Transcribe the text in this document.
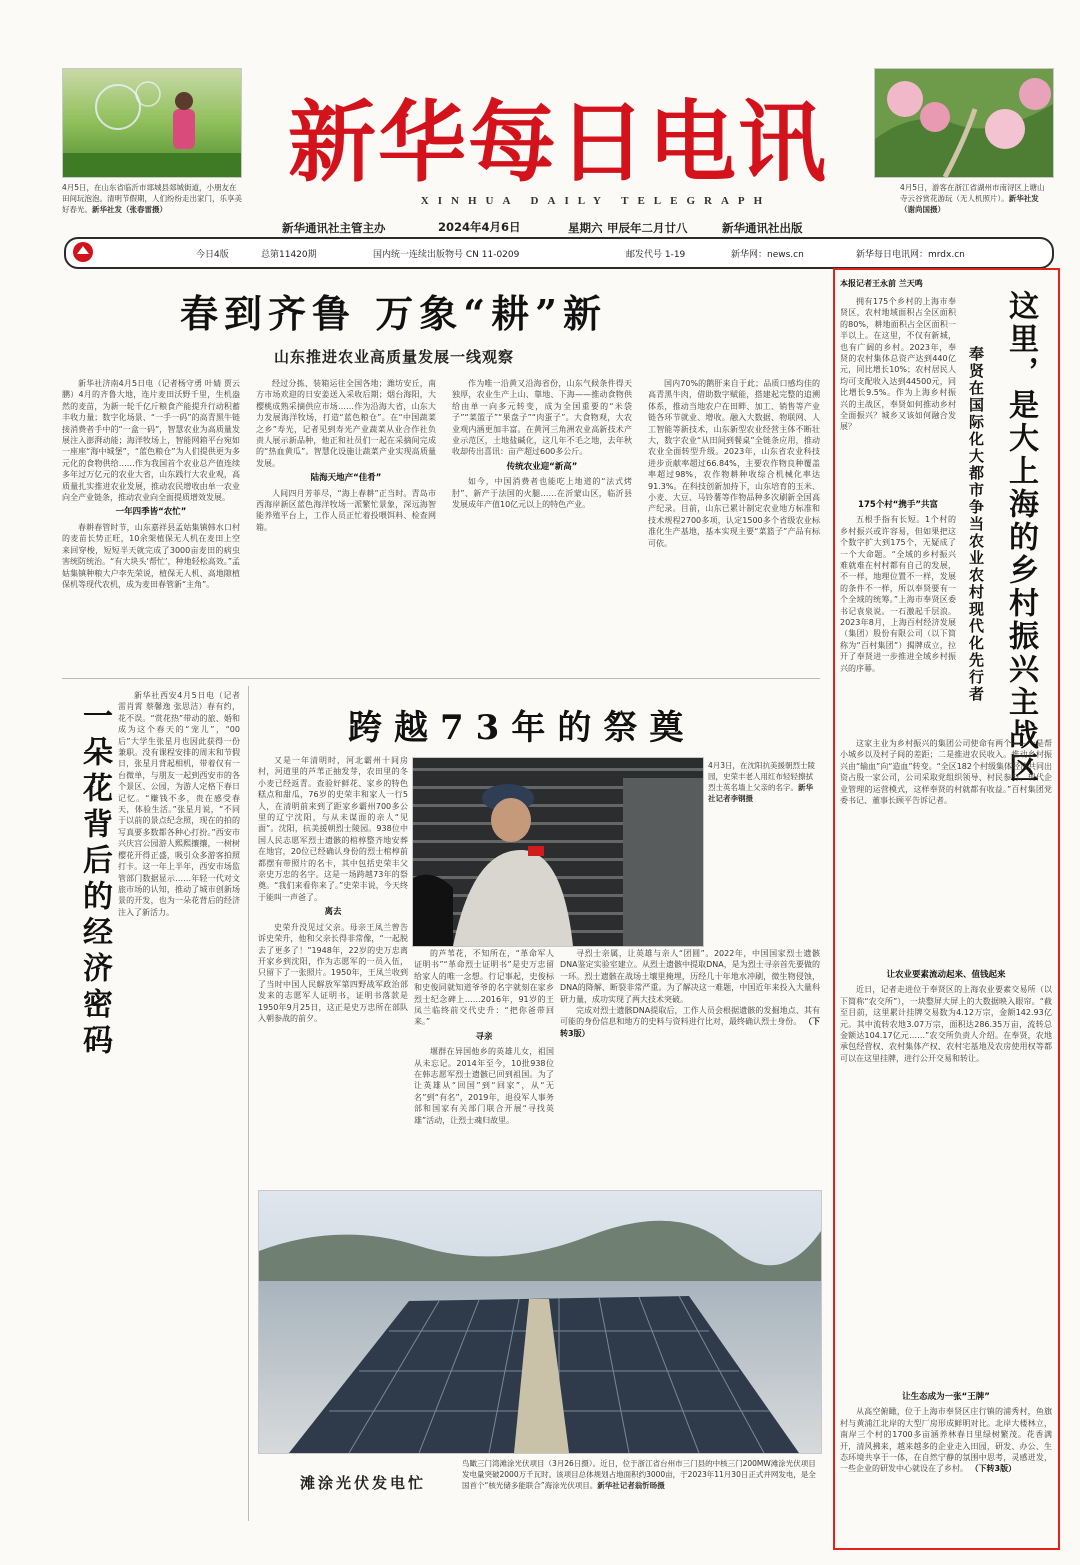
4月5日，在山东省临沂市郯城县郯城街道，小朋友在田间玩泡泡。清明节假期，人们纷纷走出家门，乐享美好春光。新华社发（张春雷摄）
4月5日，游客在浙江省湖州市南浔区上塘山寺云谷赏花游玩（无人机照片）。新华社发（谢尚国摄）
新华每日电讯
XINHUA DAILY TELEGRAPH
新华通讯社主管主办	2024年4月6日	星期六 甲辰年二月廿八	新华通讯社出版
今日4版	总第11420期	国内统一连续出版物号 CN 11-0209	邮发代号 1-19	新华网：news.cn	新华每日电讯网：mrdx.cn
春到齐鲁 万象“耕”新
山东推进农业高质量发展一线观察

新华社济南4月5日电（记者杨守勇 叶婧 贾云鹏）4月的齐鲁大地，连片麦田沃野千里，生机盎然的麦苗，为新一轮千亿斤粮食产能提升行动积蓄丰收力量；数字化场景、“一手一码”的高青黑牛链接消费者手中的“一盒一码”，智慧农业为高质量发展注入澎湃动能；海洋牧场上，智能网箱平台宛如一座座“海中城堡”，“蓝色粮仓”为人们提供更为多元化的食物供给……作为我国首个农业总产值连续多年过万亿元的农业大省，山东践行大农业观，高质量扎实推进农业发展，推动农民增收由单一农业向全产业链条，推动农业向全面提质增效发展。

一年四季皆“农忙”

春耕春管时节，山东嘉祥县孟姑集镇韩水口村的麦苗长势正旺，10余架植保无人机在麦田上空来回穿梭，短短半天就完成了3000亩麦田的病虫害统防统治。“有大块头‘帮忙’，种地轻松高效。”孟姑集镇种粮大户李先荣说，植保无人机、高地隙植保机等现代农机，成为麦田春管新“主角”。

经过分拣、装箱运往全国各地；潍坊安丘，南方市场欢迎的日安姜送入采收后期；烟台海阳，大樱桃成熟采摘供应市场……作为沿海大省，山东大力发展海洋牧场，打造“蓝色粮仓”。在“中国蔬菜之乡”寿光，记者见到寿光产业蔬菜从业合作社负责人展示新品种，他正和社员们一起在采摘间完成的“热血黄瓜”。智慧化设施让蔬菜产业实现高质量发展。

陆海天地产“佳肴”

人间四月芳菲尽，“海上春耕”正当时。青岛市西海岸新区蓝色海洋牧场一派繁忙景象，深远海智能养殖平台上，工作人员正忙着投喂饵料、检查网箱。

作为唯一沿黄又沿海省份，山东气候条件得天独厚，农业生产上山、靠地、下海——推动食物供给由单一向多元转变，成为全国重要的“米袋子”“菜篮子”“果盘子”“肉蛋子”。大食物观，大农业观内涵更加丰富。在黄河三角洲农业高新技术产业示范区，土地盐碱化，这几年不毛之地，去年秋收却传出喜讯：亩产超过600多公斤。

传统农业迎“新高”

如今，中国消费者也能吃上地道的“法式烤肘”、新产于法国的火腿……在沂蒙山区，临沂县发展成年产值10亿元以上的特色产业。

国内70%的鹅肝来自于此；品质口感均佳的高青黑牛肉，借助数字赋能，搭建起完整的追溯体系，推动当地农户在田畔、加工、销售等产业链各环节就业、增收。融入大数据、物联网、人工智能等新技术，山东新型农业经营主体不断壮大，数字农业“从田间到餐桌”全链条应用，推动农业全面转型升级。2023年，山东省农业科技进步贡献率超过66.84%，主要农作物良种覆盖率超过98%，农作物耕种收综合机械化率达91.3%。在科技创新加持下，山东培育的玉米、小麦、大豆、马铃薯等作物品种多次刷新全国高产纪录。目前，山东已累计制定农业地方标准和技术规程2700多项，认定1500多个省级农业标准化生产基地，基本实现主要“菜篮子”产品有标可依。

一朵花背后的经济密码

新华社西安4月5日电（记者雷肖霄 蔡馨逸 张思洁）春有约，花不误。“赏花热”带动的旅、婚和成为这个春天的“宠儿”，“00后”大学生张星月也因此获得一份兼职。没有课程安排的周末和节假日，张星月背起相机，带着仅有一台微单，与朋友一起到西安市的各个景区、公园，为游人定格下春日记忆。“赚钱不多，贵在感受春天，体验生活。”张星月说，“不同于以前的景点纪念照，现在的拍的写真要多数都各种心打扮。”西安市兴庆宫公园游人熙熙攘攘，一树树樱花开得正盛，吸引众多游客拍照打卡。这一年上半年，西安市场监管部门数据显示……年轻一代对文旅市场的认知，推动了城市创新场景的开发，也为一朵花背后的经济注入了新活力。

跨越73年的祭奠

又是一年清明时，河北霸州十间房村，河道里的芦苇正抽发芽，农田里的冬小麦已经返青。查验好鲜花、家乡的特色糕点和甜瓜，76岁的史荣丰和家人一行5人，在清明前来到了距家乡霸州700多公里的辽宁沈阳，与从未谋面的亲人“见面”。沈阳，抗美援朝烈士陵园。938位中国人民志愿军烈士遗骸的棺椁整齐地安葬在地宫，20位已经确认身份的烈士棺椁前都摆有带照片的名卡，其中包括史荣丰父亲史万忠的名字。这是一场跨越73年的祭奠。“我们来看你来了。”史荣丰说，今天终于能叫一声爸了。

离去

史荣升没见过父亲。母亲王凤兰曾告诉史荣升，他和父亲长得非常像，“一起脱去了更多了！”1948年，22岁的史万忠离开家乡到沈阳，作为志愿军的一员入伍，只留下了一张照片。1950年，王凤兰收到了当时中国人民解放军第四野战军政治部发来的志愿军人证明书，证明书落款是1950年9月25日，这正是史万忠所在部队入朝参战的前夕。

4月3日，在沈阳抗美援朝烈士陵园，史荣丰老人用红布轻轻擦拭烈士英名墙上父亲的名字。新华社记者李钢摄

的芦苇花，不知所在，“革命军人证明书”“革命烈士证明书”是史万忠留给家人的唯一念想。行记事起，史俊标和史俊同就知道爷爷的名字就刻在家乡烈士纪念碑上……2016年，91岁的王凤兰临终前交代史升：“把你爸带回来。”

寻亲

堰群在异国他乡的英雄儿女，祖国从未忘记。2014年至今，10批938位在韩志愿军烈士遗骸已回到祖国。为了让英雄从“回国”到“回家”，从“无名”到“有名”，2019年，退役军人事务部和国家有关部门联合开展“寻找英雄”活动，让烈士魂归故里。

寻烈士亲属，让英雄与亲人“团圆”。2022年，中国国家烈士遗骸DNA鉴定实验室建立。从烈士遗骸中提取DNA，是为烈士寻亲首先要做的一环。烈士遗骸在战场土壤里掩埋，历经几十年地水冲刷，微生物侵蚀，DNA的降解、断裂非常严重。为了解决这一难题，中国近年来投入大量科研力量，成功实现了两大技术突破。

完成对烈士遗骸DNA提取后，工作人员会根据遗骸的发掘地点、其有可能的身份信息和地方的史料与资料进行比对，最终确认烈士身份。 （下转3版）

滩涂光伏发电忙
鸟瞰三门湾滩涂光伏项目（3月26日摄）。近日，位于浙江省台州市三门县的中核三门200MW滩涂光伏项目发电量突破2000万千瓦时。该项目总体规划占地面积约3000亩，于2023年11月30日正式并网发电，是全国首个“核光储多能联合”海涂光伏项目。新华社记者翁忻旸摄
本报记者王永前 兰天鸣
这里，是大上海的乡村振兴主战区
奉贤在国际化大都市争当农业农村现代化先行者

拥有175个乡村的上海市奉贤区，农村地域面积占全区面积的80%，耕地面积占全区面积一半以上。在这里，不仅有新城，也有广阔的乡村。2023年，奉贤的农村集体总资产达到440亿元，同比增长10%；农村居民人均可支配收入达到44500元，同比增长9.5%。作为上海乡村振兴的主战区，奉贤如何推动乡村全面振兴？城乡又该如何融合发展？

175个村“携手”共富

五根手指有长短。1个村的乡村振兴或许容易，但如果把这个数字扩大到175个，无疑成了一个大命题。“全域的乡村振兴难就难在村村都有自己的发展，不一样，地理位置不一样，发展的条件不一样，所以奉贤要有一个全域的统筹。”上海市奉贤区委书记袁泉说。一石激起千层浪。2023年8月，上海百村经济发展（集团）股份有限公司（以下简称为“百村集团”）揭牌成立，拉开了奉贤进一步推进全域乡村振兴的序幕。

这家主业为乡村振兴的集团公司使命有两个——一是帮小城乡以及村子间的差距；二是推进农民收入。推动乡村振兴由“输血”向“造血”转变。“全区182个村级集体经济共同出资占股一家公司，公司采取党组织领导、村民参与、现代企业管理的运营模式，这样奉贤的村就都有收益。”百村集团党委书记、董事长顾平告诉记者。

让农业要素流动起来、值钱起来

近日，记者走进位于奉贤区的上海农业要素交易所（以下简称“农交所”），一块整屏大屏上的大数据映入眼帘。“截至目前，这里累计挂牌交易数为4.12万宗，金额142.93亿元。其中流转农地3.07万宗，面积达286.35万亩，流转总金额达104.17亿元……”农交所负责人介绍。在奉贤，农地承包经营权、农村集体产权、农村宅基地及农房使用权等都可以在这里挂牌，进行公开交易和转让。

让生态成为一张“王牌”

从高空俯瞰，位于上海市奉贤区庄行镇的浦秀村，鱼旗村与黄浦江北岸的大型厂房形成鲜明对比。北岸大楼林立，南岸三个村的1700多亩涵养林春日里绿树繁茂。花香满开，清风拂来，越来越多的企业走入田园，研发、办公、生态环境共享于一体，在自然宁静的氛围中思考，灵感迸发，一些企业的研发中心就设在了乡村。 （下转3版）
